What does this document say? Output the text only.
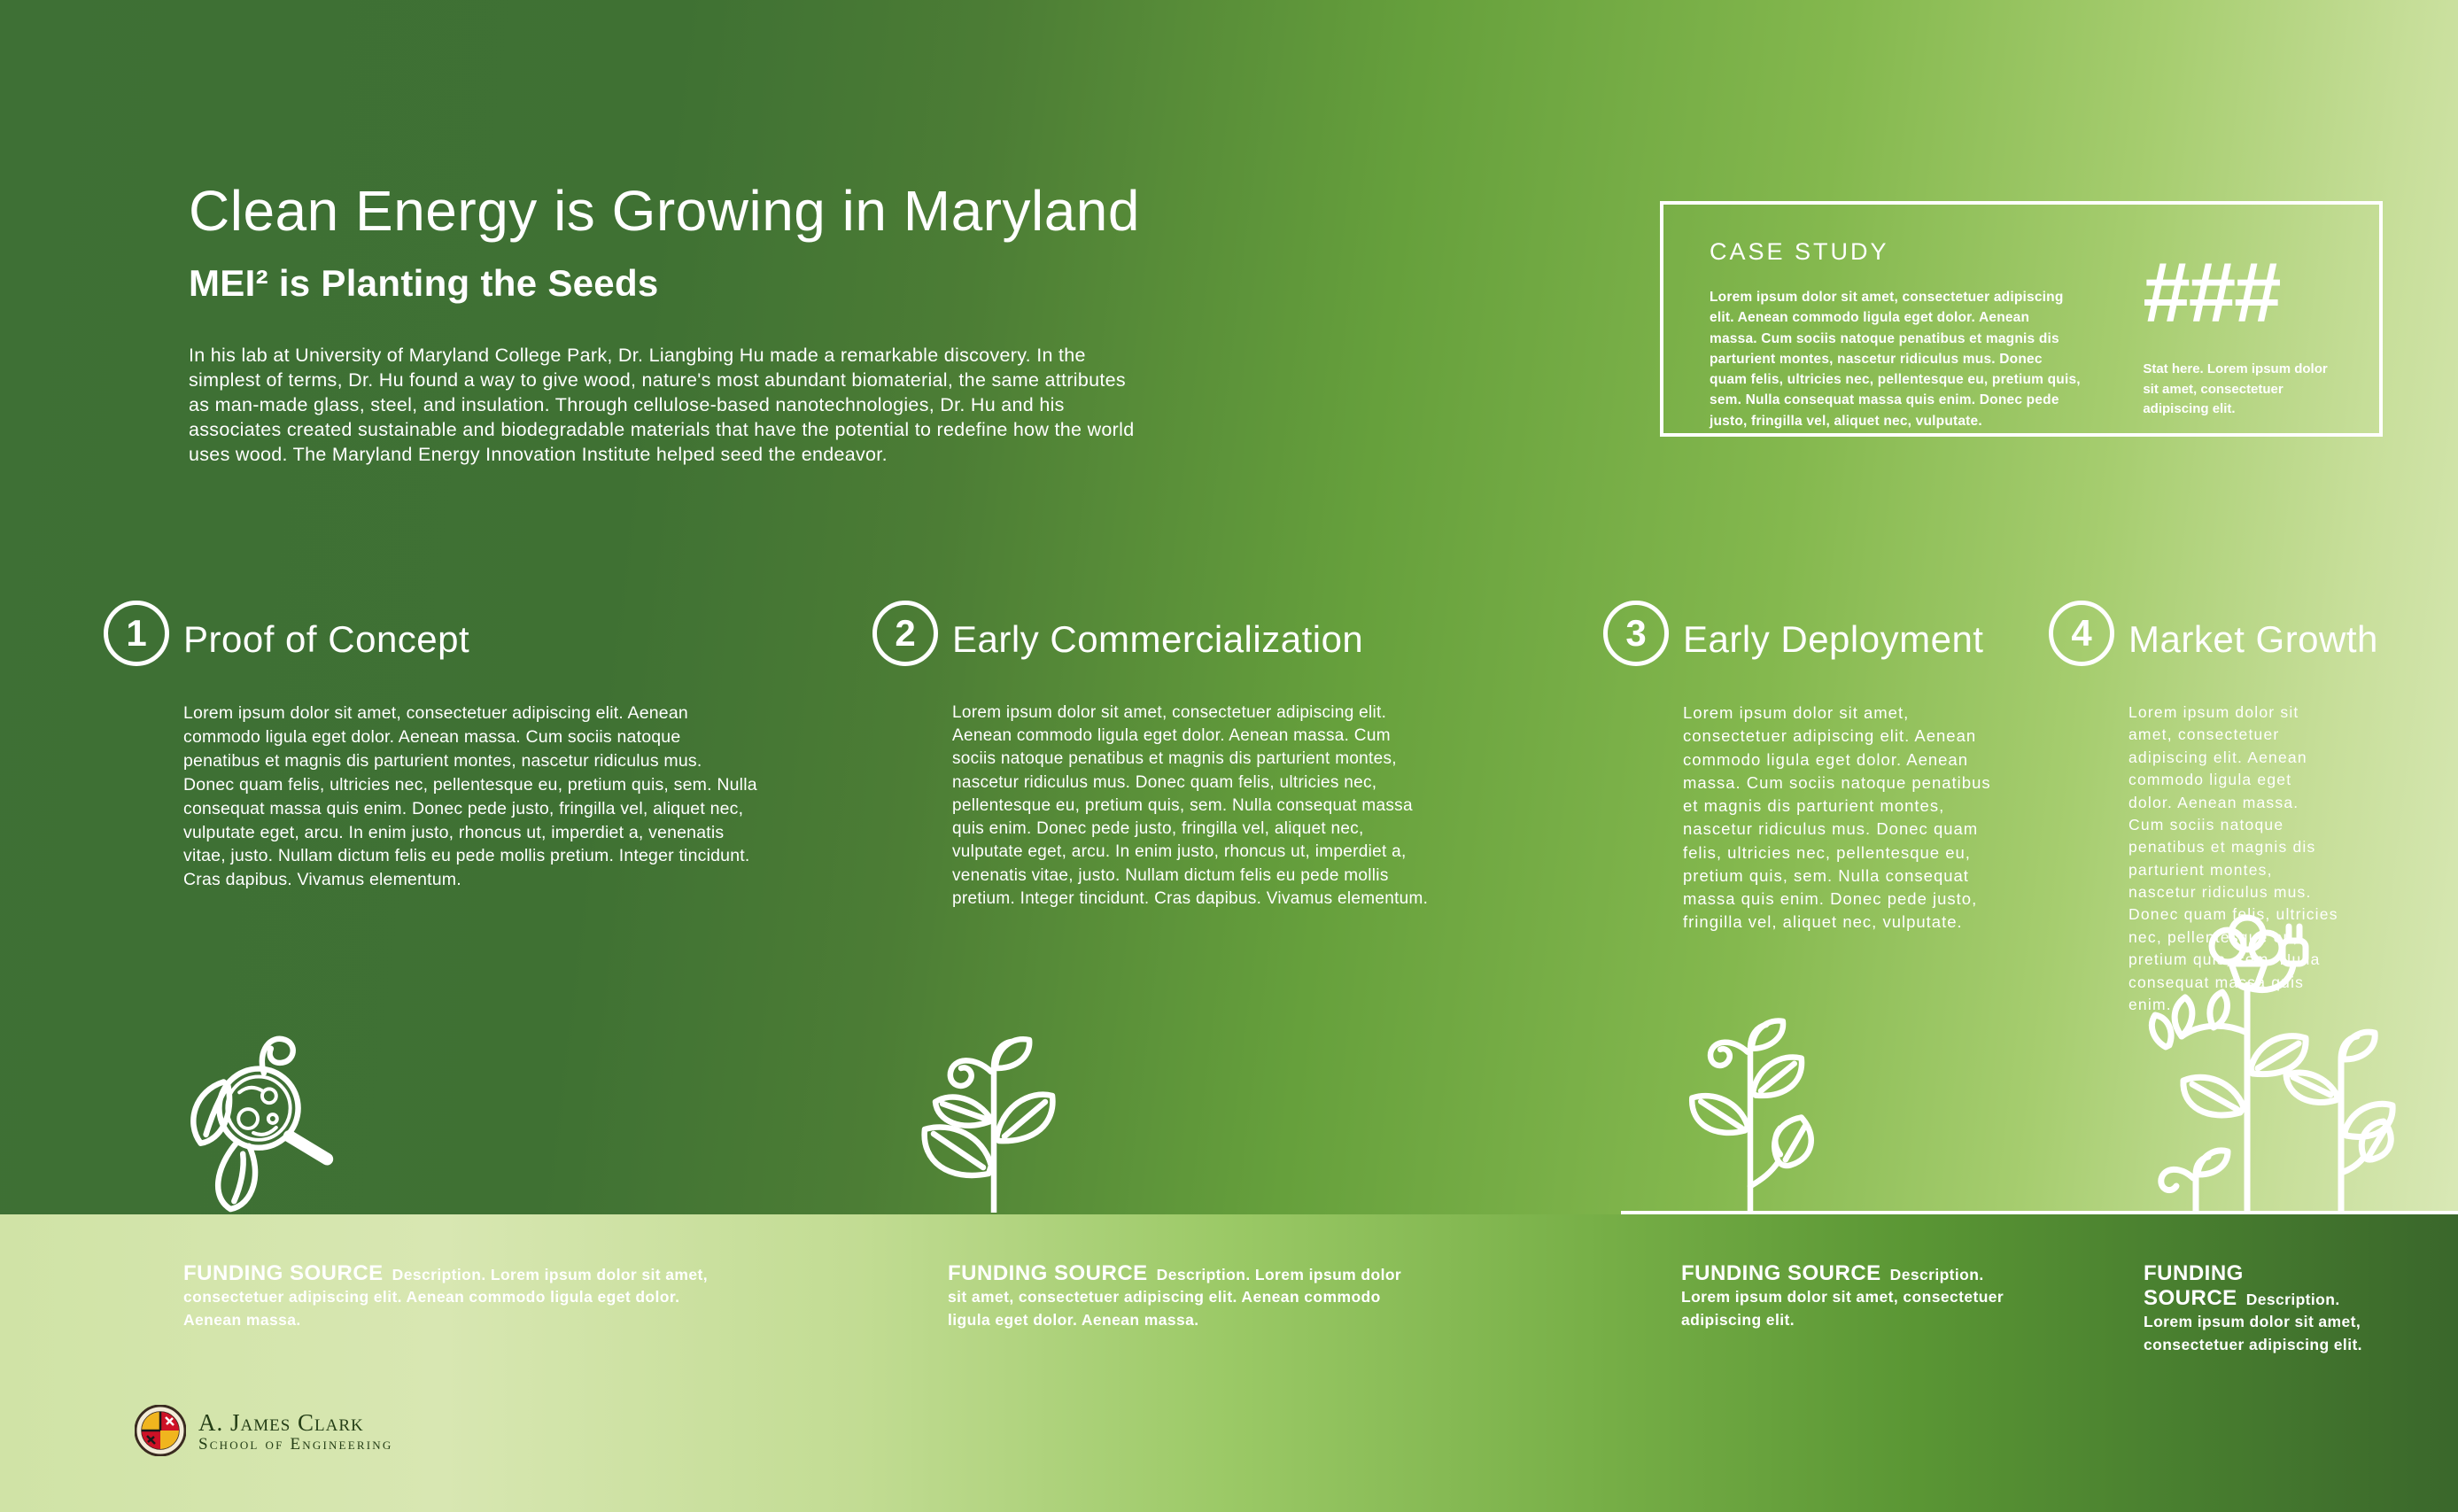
Clean Energy is Growing in Maryland
MEI² is Planting the Seeds

In his lab at University of Maryland College Park, Dr. Liangbing Hu made a remarkable discovery. In the simplest of terms, Dr. Hu found a way to give wood, nature's most abundant biomaterial, the same attributes as man-made glass, steel, and insulation. Through cellulose-based nanotechnologies, Dr. Hu and his associates created sustainable and biodegradable materials that have the potential to redefine how the world uses wood. The Maryland Energy Innovation Institute helped seed the endeavor.

CASE STUDY

Lorem ipsum dolor sit amet, consectetuer adipiscing elit. Aenean commodo ligula eget dolor. Aenean massa. Cum sociis natoque penatibus et magnis dis parturient montes, nascetur ridiculus mus. Donec quam felis, ultricies nec, pellentesque eu, pretium quis, sem. Nulla consequat massa quis enim. Donec pede justo, fringilla vel, aliquet nec, vulputate.

###

Stat here. Lorem ipsum dolor sit amet, consectetuer adipiscing elit.

1 Proof of Concept

Lorem ipsum dolor sit amet, consectetuer adipiscing elit. Aenean commodo ligula eget dolor. Aenean massa. Cum sociis natoque penatibus et magnis dis parturient montes, nascetur ridiculus mus. Donec quam felis, ultricies nec, pellentesque eu, pretium quis, sem. Nulla consequat massa quis enim. Donec pede justo, fringilla vel, aliquet nec, vulputate eget, arcu. In enim justo, rhoncus ut, imperdiet a, venenatis vitae, justo. Nullam dictum felis eu pede mollis pretium. Integer tincidunt. Cras dapibus. Vivamus elementum.

2 Early Commercialization

Lorem ipsum dolor sit amet, consectetuer adipiscing elit. Aenean commodo ligula eget dolor. Aenean massa. Cum sociis natoque penatibus et magnis dis parturient montes, nascetur ridiculus mus. Donec quam felis, ultricies nec, pellentesque eu, pretium quis, sem. Nulla consequat massa quis enim. Donec pede justo, fringilla vel, aliquet nec, vulputate eget, arcu. In enim justo, rhoncus ut, imperdiet a, venenatis vitae, justo. Nullam dictum felis eu pede mollis pretium. Integer tincidunt. Cras dapibus. Vivamus elementum.

3 Early Deployment

Lorem ipsum dolor sit amet, consectetuer adipiscing elit. Aenean commodo ligula eget dolor. Aenean massa. Cum sociis natoque penatibus et magnis dis parturient montes, nascetur ridiculus mus. Donec quam felis, ultricies nec, pellentesque eu, pretium quis, sem. Nulla consequat massa quis enim. Donec pede justo, fringilla vel, aliquet nec, vulputate.

4 Market Growth

Lorem ipsum dolor sit amet, consectetuer adipiscing elit. Aenean commodo ligula eget dolor. Aenean massa. Cum sociis natoque penatibus et magnis dis parturient montes, nascetur ridiculus mus. Donec quam felis, ultricies nec, pellentesque eu, pretium quis, sem. Nulla consequat massa quis enim.

FUNDING SOURCE Description. Lorem ipsum dolor sit amet, consectetuer adipiscing elit. Aenean commodo ligula eget dolor. Aenean massa.
FUNDING SOURCE Description. Lorem ipsum dolor sit amet, consectetuer adipiscing elit. Aenean commodo ligula eget dolor. Aenean massa.
FUNDING SOURCE Description. Lorem ipsum dolor sit amet, consectetuer adipiscing elit.
FUNDING SOURCE Description. Lorem ipsum dolor sit amet, consectetuer adipiscing elit.
A. James Clark
School of Engineering
